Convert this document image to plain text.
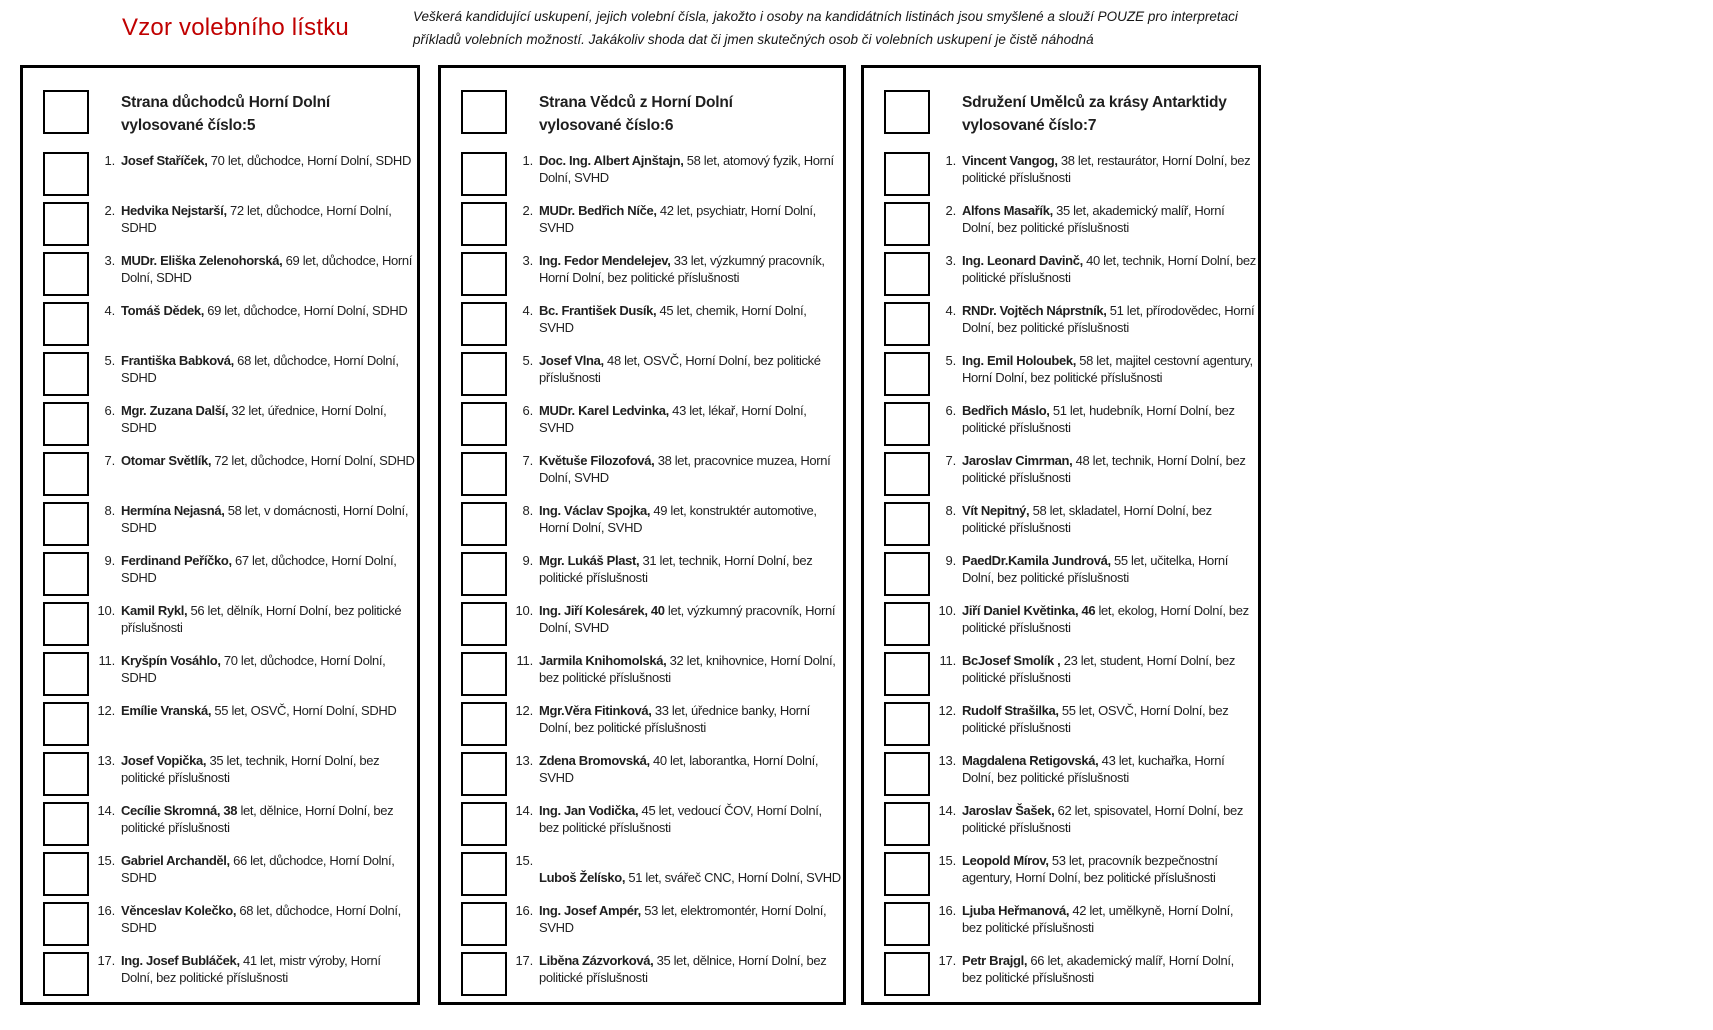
Vzor volebního lístku	Veškerá kandidující uskupení, jejich volební čísla, jakožto i osoby na kandidátních listinách jsou smyšlené a slouží POUZE pro interpretaci
příkladů volebních možností. Jakákoliv shoda dat či jmen skutečných osob či volebních uskupení je čistě náhodná
Strana důchodců Horní Dolní
vylosované číslo:5
1. Josef Staříček, 70 let, důchodce, Horní Dolní, SDHD
2. Hedvika Nejstarší, 72 let, důchodce, Horní Dolní, SDHD
3. MUDr. Eliška Zelenohorská, 69 let, důchodce, Horní Dolní, SDHD
4. Tomáš Dědek, 69 let, důchodce, Horní Dolní, SDHD
5. Františka Babková, 68 let, důchodce, Horní Dolní, SDHD
6. Mgr. Zuzana Další, 32 let, úřednice, Horní Dolní, SDHD
7. Otomar Světlík, 72 let, důchodce, Horní Dolní, SDHD
8. Hermína Nejasná, 58 let, v domácnosti, Horní Dolní, SDHD
9. Ferdinand Peříčko, 67 let, důchodce, Horní Dolní, SDHD
10. Kamil Rykl, 56 let, dělník, Horní Dolní, bez politické příslušnosti
11. Kryšpín Vosáhlo, 70 let, důchodce, Horní Dolní, SDHD
12. Emílie Vranská, 55 let, OSVČ, Horní Dolní, SDHD
13. Josef Vopička, 35 let, technik, Horní Dolní, bez politické příslušnosti
14. Cecílie Skromná, 38 let, dělnice, Horní Dolní, bez politické příslušnosti
15. Gabriel Archanděl, 66 let, důchodce, Horní Dolní, SDHD
16. Věnceslav Kolečko, 68 let, důchodce, Horní Dolní, SDHD
17. Ing. Josef Bubláček, 41 let, mistr výroby, Horní Dolní, bez politické příslušnosti
Strana Vědců z Horní Dolní
vylosované číslo:6
1. Doc. Ing. Albert Ajnštajn, 58 let, atomový fyzik, Horní Dolní, SVHD
2. MUDr. Bedřich Níče, 42 let, psychiatr, Horní Dolní, SVHD
3. Ing. Fedor Mendelejev, 33 let, výzkumný pracovník, Horní Dolní, bez politické příslušnosti
4. Bc. František Dusík, 45 let, chemik, Horní Dolní, SVHD
5. Josef Vlna, 48 let, OSVČ, Horní Dolní, bez politické příslušnosti
6. MUDr. Karel Ledvinka, 43 let, lékař, Horní Dolní, SVHD
7. Květuše Filozofová, 38 let, pracovnice muzea, Horní Dolní, SVHD
8. Ing. Václav Spojka, 49 let, konstruktér automotive, Horní Dolní, SVHD
9. Mgr. Lukáš Plast, 31 let, technik, Horní Dolní, bez politické příslušnosti
10. Ing. Jiří Kolesárek, 40 let, výzkumný pracovník, Horní Dolní, SVHD
11. Jarmila Knihomolská, 32 let, knihovnice, Horní Dolní, bez politické příslušnosti
12. Mgr.Věra Fitinková, 33 let, úřednice banky, Horní Dolní, bez politické příslušnosti
13. Zdena Bromovská, 40 let, laborantka, Horní Dolní, SVHD
14. Ing. Jan Vodička, 45 let, vedoucí ČOV, Horní Dolní, bez politické příslušnosti
15.
Luboš Želísko, 51 let, svářeč CNC, Horní Dolní, SVHD
16. Ing. Josef Ampér, 53 let, elektromontér, Horní Dolní, SVHD
17. Liběna Zázvorková, 35 let, dělnice, Horní Dolní, bez politické příslušnosti
Sdružení Umělců za krásy Antarktidy
vylosované číslo:7
1. Vincent Vangog, 38 let, restaurátor, Horní Dolní, bez politické příslušnosti
2. Alfons Masařík, 35 let, akademický malíř, Horní Dolní, bez politické příslušnosti
3. Ing. Leonard Davinč, 40 let, technik, Horní Dolní, bez politické příslušnosti
4. RNDr. Vojtěch Náprstník, 51 let, přírodovědec, Horní Dolní, bez politické příslušnosti
5. Ing. Emil Holoubek, 58 let, majitel cestovní agentury, Horní Dolní, bez politické příslušnosti
6. Bedřich Máslo, 51 let, hudebník, Horní Dolní, bez politické příslušnosti
7. Jaroslav Cimrman, 48 let, technik, Horní Dolní, bez politické příslušnosti
8. Vít Nepitný, 58 let, skladatel, Horní Dolní, bez politické příslušnosti
9. PaedDr.Kamila Jundrová, 55 let, učitelka, Horní Dolní, bez politické příslušnosti
10. Jiří Daniel Květinka, 46 let, ekolog, Horní Dolní, bez politické příslušnosti
11. BcJosef Smolík , 23 let, student, Horní Dolní, bez politické příslušnosti
12. Rudolf Strašilka, 55 let, OSVČ, Horní Dolní, bez politické příslušnosti
13. Magdalena Retigovská, 43 let, kuchařka, Horní Dolní, bez politické příslušnosti
14. Jaroslav Šašek, 62 let, spisovatel, Horní Dolní, bez politické příslušnosti
15. Leopold Mírov, 53 let, pracovník bezpečnostní agentury, Horní Dolní, bez politické příslušnosti
16. Ljuba Heřmanová, 42 let, umělkyně, Horní Dolní, bez politické příslušnosti
17. Petr Brajgl, 66 let, akademický malíř, Horní Dolní, bez politické příslušnosti
